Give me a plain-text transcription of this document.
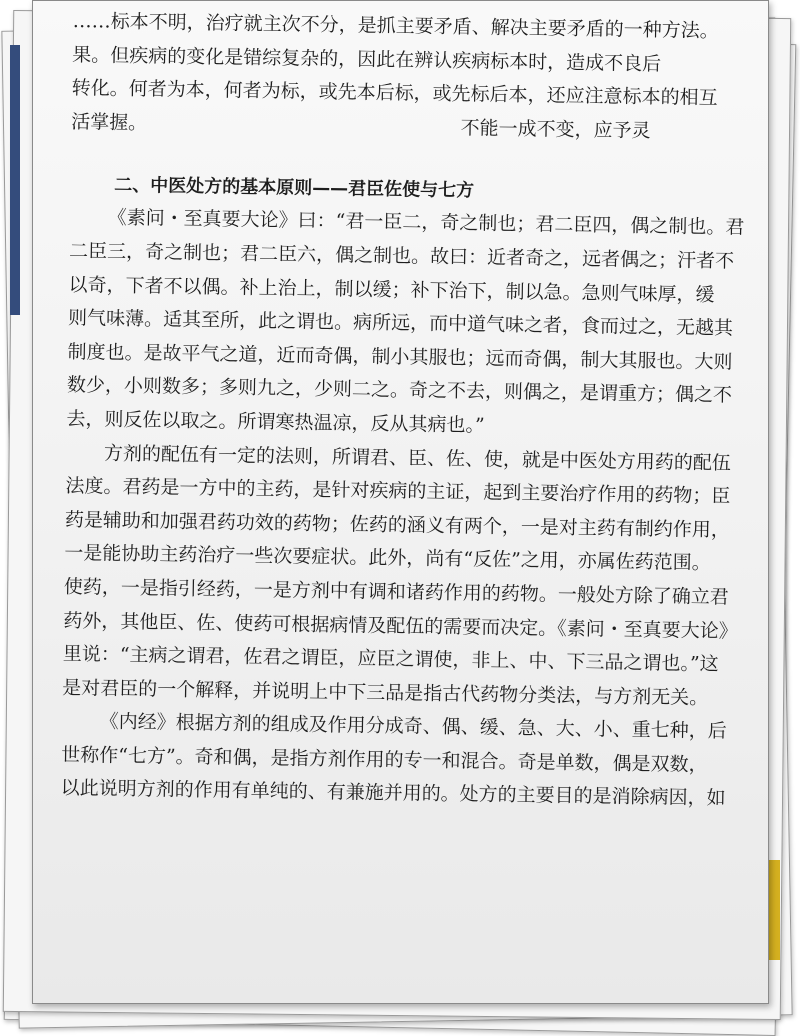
……标本不明，治疗就主次不分，是抓主要矛盾、解决主要矛盾的一种方法。

果。但疾病的变化是错综复杂的，因此在辨认疾病标本时，造成不良后

转化。何者为本，何者为标，或先本后标，或先标后本，还应注意标本的相互

活掌握。　　　　　　　　　　　　　　　　　不能一成不变，应予灵

二、中医处方的基本原则——君臣佐使与七方

《素问・至真要大论》曰：“君一臣二，奇之制也；君二臣四，偶之制也。君

二臣三，奇之制也；君二臣六，偶之制也。故曰：近者奇之，远者偶之；汗者不

以奇，下者不以偶。补上治上，制以缓；补下治下，制以急。急则气味厚，缓

则气味薄。适其至所，此之谓也。病所远，而中道气味之者，食而过之，无越其

制度也。是故平气之道，近而奇偶，制小其服也；远而奇偶，制大其服也。大则

数少，小则数多；多则九之，少则二之。奇之不去，则偶之，是谓重方；偶之不

去，则反佐以取之。所谓寒热温凉，反从其病也。”

方剂的配伍有一定的法则，所谓君、臣、佐、使，就是中医处方用药的配伍

法度。君药是一方中的主药，是针对疾病的主证，起到主要治疗作用的药物；臣

药是辅助和加强君药功效的药物；佐药的涵义有两个，一是对主药有制约作用，

一是能协助主药治疗一些次要症状。此外，尚有“反佐”之用，亦属佐药范围。

使药，一是指引经药，一是方剂中有调和诸药作用的药物。一般处方除了确立君

药外，其他臣、佐、使药可根据病情及配伍的需要而决定。《素问・至真要大论》

里说：“主病之谓君，佐君之谓臣，应臣之谓使，非上、中、下三品之谓也。”这

是对君臣的一个解释，并说明上中下三品是指古代药物分类法，与方剂无关。

《内经》根据方剂的组成及作用分成奇、偶、缓、急、大、小、重七种，后

世称作“七方”。奇和偶，是指方剂作用的专一和混合。奇是单数，偶是双数，

以此说明方剂的作用有单纯的、有兼施并用的。处方的主要目的是消除病因，如
